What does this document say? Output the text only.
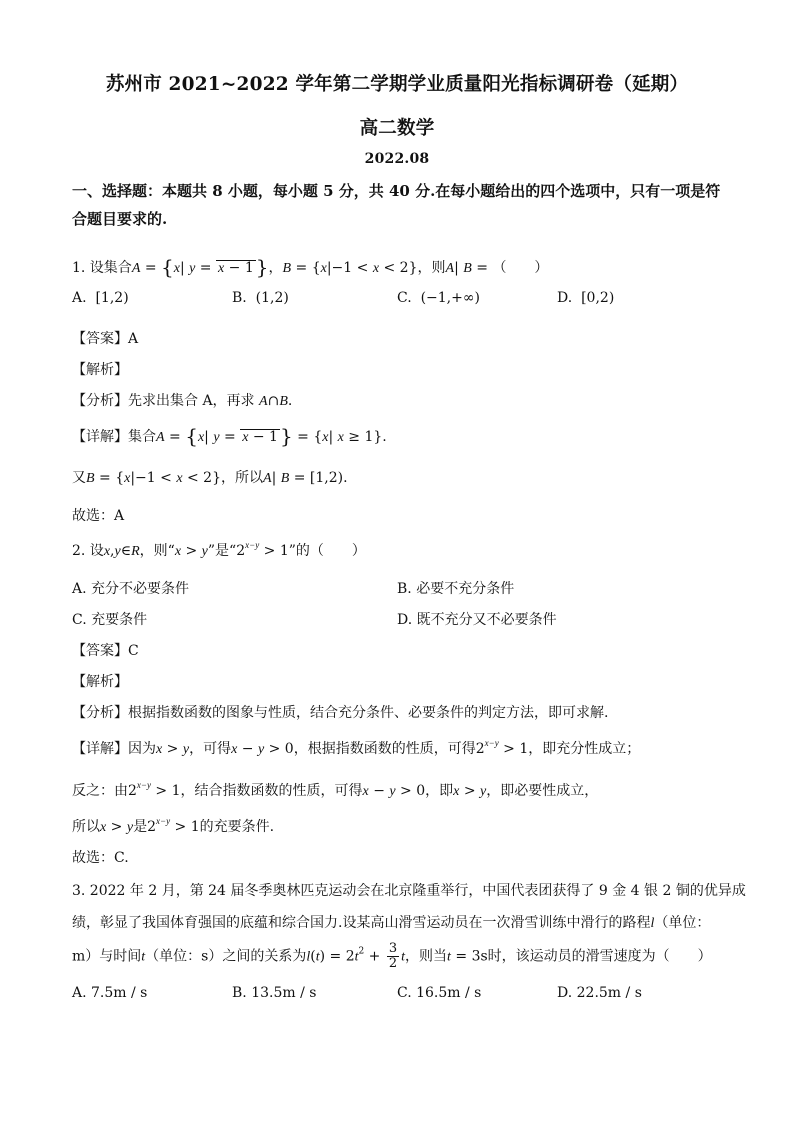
苏州市 2021~2022 学年第二学期学业质量阳光指标调研卷（延期）
高二数学
2022.08
一、选择题：本题共 8 小题，每小题 5 分，共 40 分.在每小题给出的四个选项中，只有一项是符合题目要求的.
1. 设集合A = {x| y = x − 1 }，B = {x|−1 < x < 2}，则A| B = （　　）
A. [1,2)	B. (1,2)	C. (−1,+∞)	D. [0,2)
【答案】A
【解析】
【分析】先求出集合 A，再求 A∩B.
【详解】集合A = {x| y = x − 1 } = {x| x ≥ 1}.
又B = {x|−1 < x < 2}，所以A| B = [1,2).
故选：A
2. 设x,y∈R，则“x > y”是“$2^{x-y} > 1$”的（　　）
A. 充分不必要条件	B. 必要不充分条件
C. 充要条件	D. 既不充分又不必要条件
【答案】C
【解析】
【分析】根据指数函数的图象与性质，结合充分条件、必要条件的判定方法，即可求解.
【详解】因为x > y，可得x − y > 0，根据指数函数的性质，可得$2^{x-y} > 1$，即充分性成立；
反之：由$2^{x-y} > 1$，结合指数函数的性质，可得x − y > 0，即x > y，即必要性成立，
所以x > y是$2^{x-y} > 1$的充要条件.
故选：C.
3. 2022 年 2 月，第 24 届冬季奥林匹克运动会在北京隆重举行，中国代表团获得了 9 金 4 银 2 铜的优异成
绩，彰显了我国体育强国的底蕴和综合国力.设某高山滑雪运动员在一次滑雪训练中滑行的路程l（单位：
m）与时间t（单位：s）之间的关系为$l(t) = 2t^2 + \frac{3}{2}$ t，则当t = 3s时，该运动员的滑雪速度为（　　）
A. 7.5m / s	B. 13.5m / s	C. 16.5m / s	D. 22.5m / s
